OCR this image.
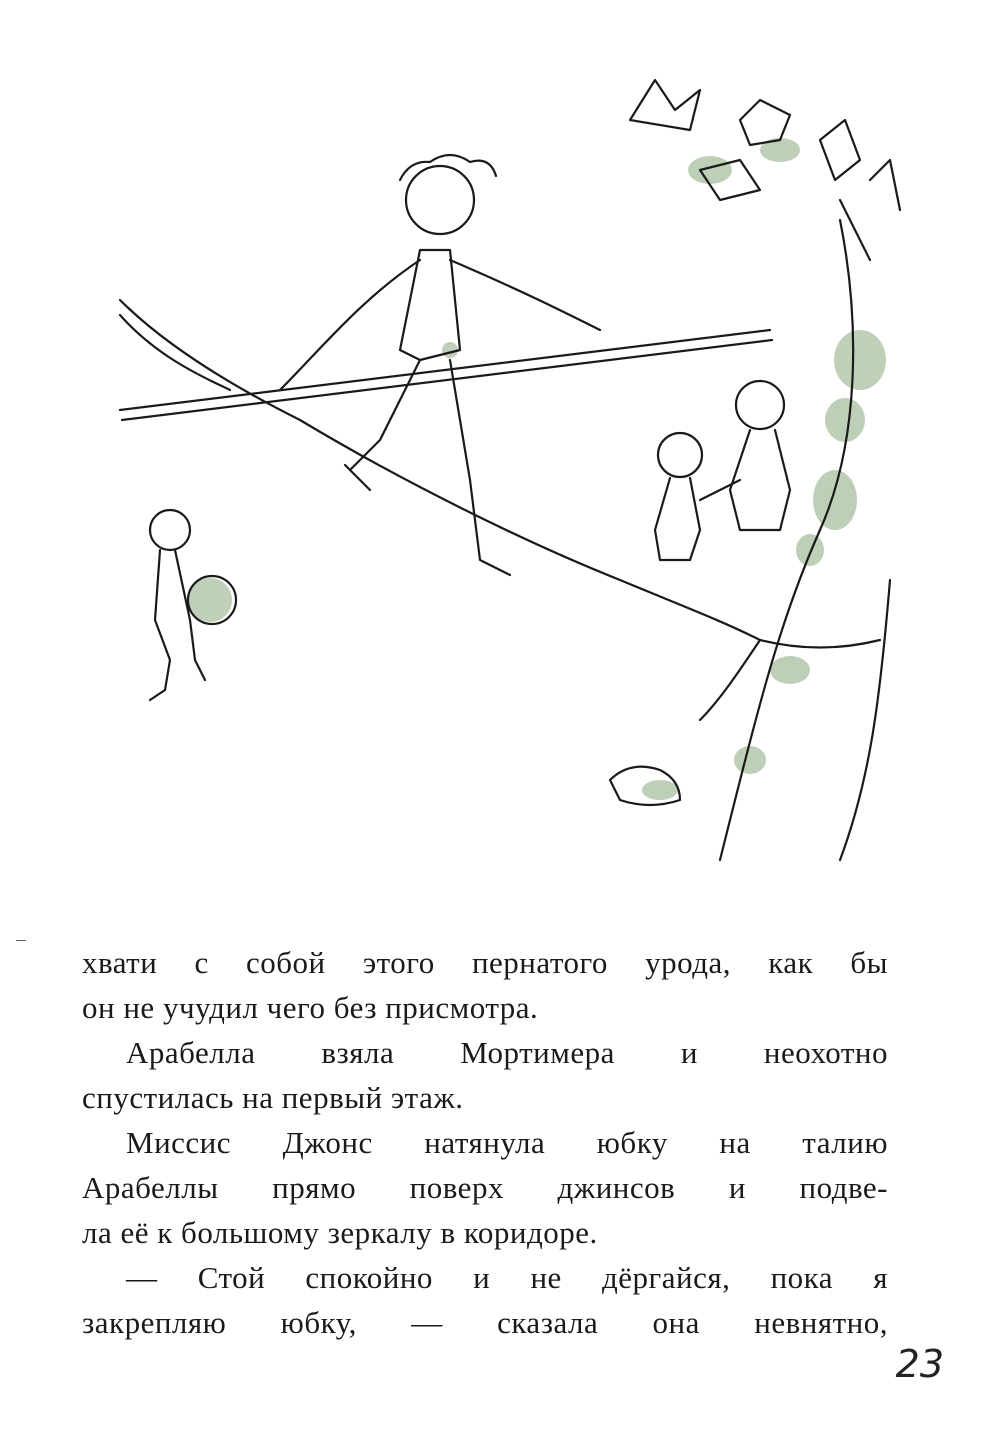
хвати с собой этого пернатого урода, как бы
он не учудил чего без присмотра.
Арабелла взяла Мортимера и неохотно
спустилась на первый этаж.
Миссис Джонс натянула юбку на талию
Арабеллы прямо поверх джинсов и подве-
ла её к большому зеркалу в коридоре.
— Стой спокойно и не дёргайся, пока я
закрепляю юбку, — сказала она невнятно,
23
